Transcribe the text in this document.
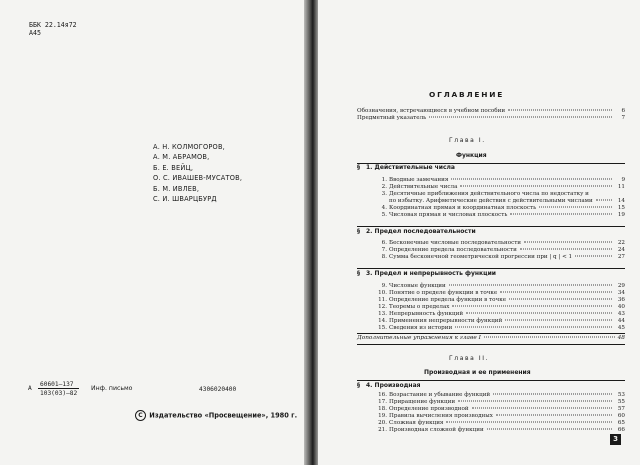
ББК 22.14я72
А45
А. Н. КОЛМОГОРОВ,
А. М. АБРАМОВ,
Б. Е. ВЕЙЦ,
О. С. ИВАШЕВ-МУСАТОВ,
Б. М. ИВЛЕВ,
С. И. ШВАРЦБУРД
А $\frac{60601—137}{103(03)—82}$ Инф. письмо	4306020400
C Издательство «Просвещение», 1980 г.
ОГЛАВЛЕНИЕ
Обозначения, встречающиеся в учебном пособии	6
Предметный указатель	7
Глава I.
Функция
§ 1. Действительные числа
1. Вводные замечания	9
2. Действительные числа	11
3. Десятичные приближения действительного числа по недостатку и
по избытку. Арифметические действия с действительными числами	14
4. Координатная прямая и координатная плоскость	15
5. Числовая прямая и числовая плоскость	19
§ 2. Предел последовательности
6. Бесконечные числовые последовательности	22
7. Определение предела последовательности	24
8. Сумма бесконечной геометрической прогрессии при | q | < 1	27
§ 3. Предел и непрерывность функции
9. Числовые функции	29
10. Понятие о пределе функции в точке	34
11. Определение предела функции в точке	36
12. Теоремы о пределах	40
13. Непрерывность функций	43
14. Применения непрерывности функций	44
15. Сведения из истории	45
Дополнительные упражнения к главе I	48
Глава II.
Производная и ее применения
§ 4. Производная
16. Возрастание и убывание функций	53
17. Приращение функции	55
18. Определение производной	57
19. Правила вычисления производных	60
20. Сложная функция	65
21. Производная сложной функции	66
3
